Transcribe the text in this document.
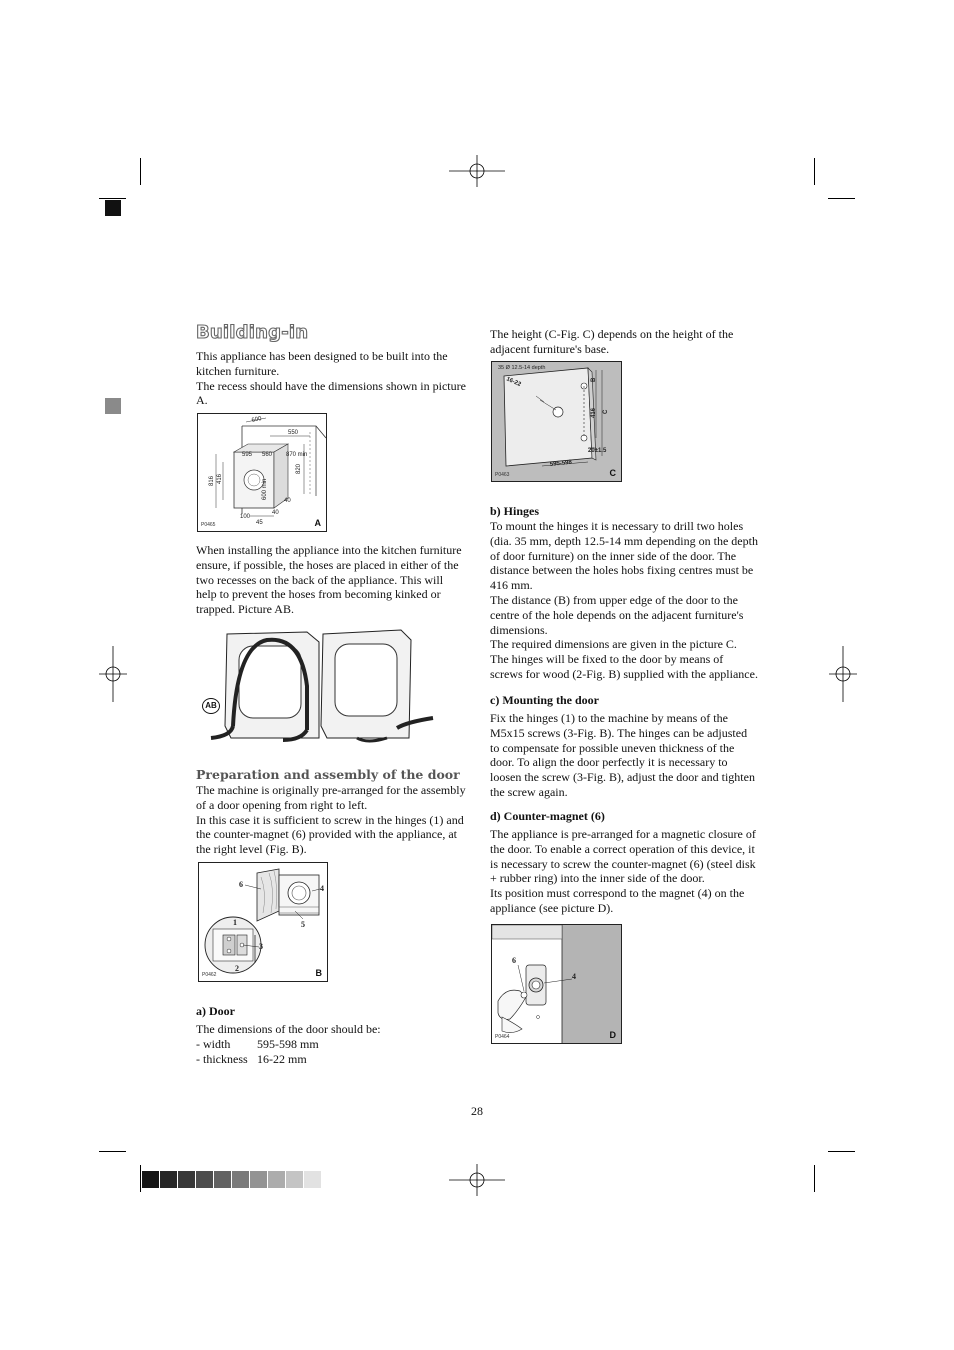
Building-in

This appliance has been designed to be built into the kitchen furniture.

The recess should have the dimensions shown in picture A.

600
550
560
595
820
870 min
816 416
100
600 min
40
40
45
P0465	A
When installing the appliance into the kitchen furniture ensure, if possible, the hoses are placed in either of the two recesses on the back of the appliance. This will help to prevent the hoses from becoming kinked or trapped. Picture AB.
AB
Preparation and assembly of the door

The machine is originally pre-arranged for the assembly of a door opening from right to left.

In this case it is sufficient to screw in the hinges (1) and the counter-magnet (6) provided with the appliance, at the right level (Fig. B).

6	4
5
1
3
2
P0462	B
a) Door

The dimensions of the door should be:

- width 595-598 mm

- thickness 16-22 mm

The height (C-Fig. C) depends on the height of the adjacent furniture's base.
35 Ø 12.5-14 depth
16-22	B
416 C
595-598
20±1.5
P0463	C
b) Hinges

To mount the hinges it is necessary to drill two holes (dia. 35 mm, depth 12.5-14 mm depending on the depth of door furniture) on the inner side of the door. The distance between the holes hobs fixing centres must be 416 mm.

The distance (B) from upper edge of the door to the centre of the hole depends on the adjacent furniture's dimensions.

The required dimensions are given in the picture C.

The hinges will be fixed to the door by means of screws for wood (2-Fig. B) supplied with the appliance.

c) Mounting the door
Fix the hinges (1) to the machine by means of the M5x15 screws (3-Fig. B). The hinges can be adjusted to compensate for possible uneven thickness of the door. To align the door perfectly it is necessary to loosen the screw (3-Fig. B), adjust the door and tighten the screw again.
d) Counter-magnet (6)

The appliance is pre-arranged for a magnetic closure of the door. To enable a correct operation of this device, it is necessary to screw the counter-magnet (6) (steel disk + rubber ring) into the inner side of the door.

Its position must correspond to the magnet (4) on the appliance (see picture D).

6
4
P0464	D
28
